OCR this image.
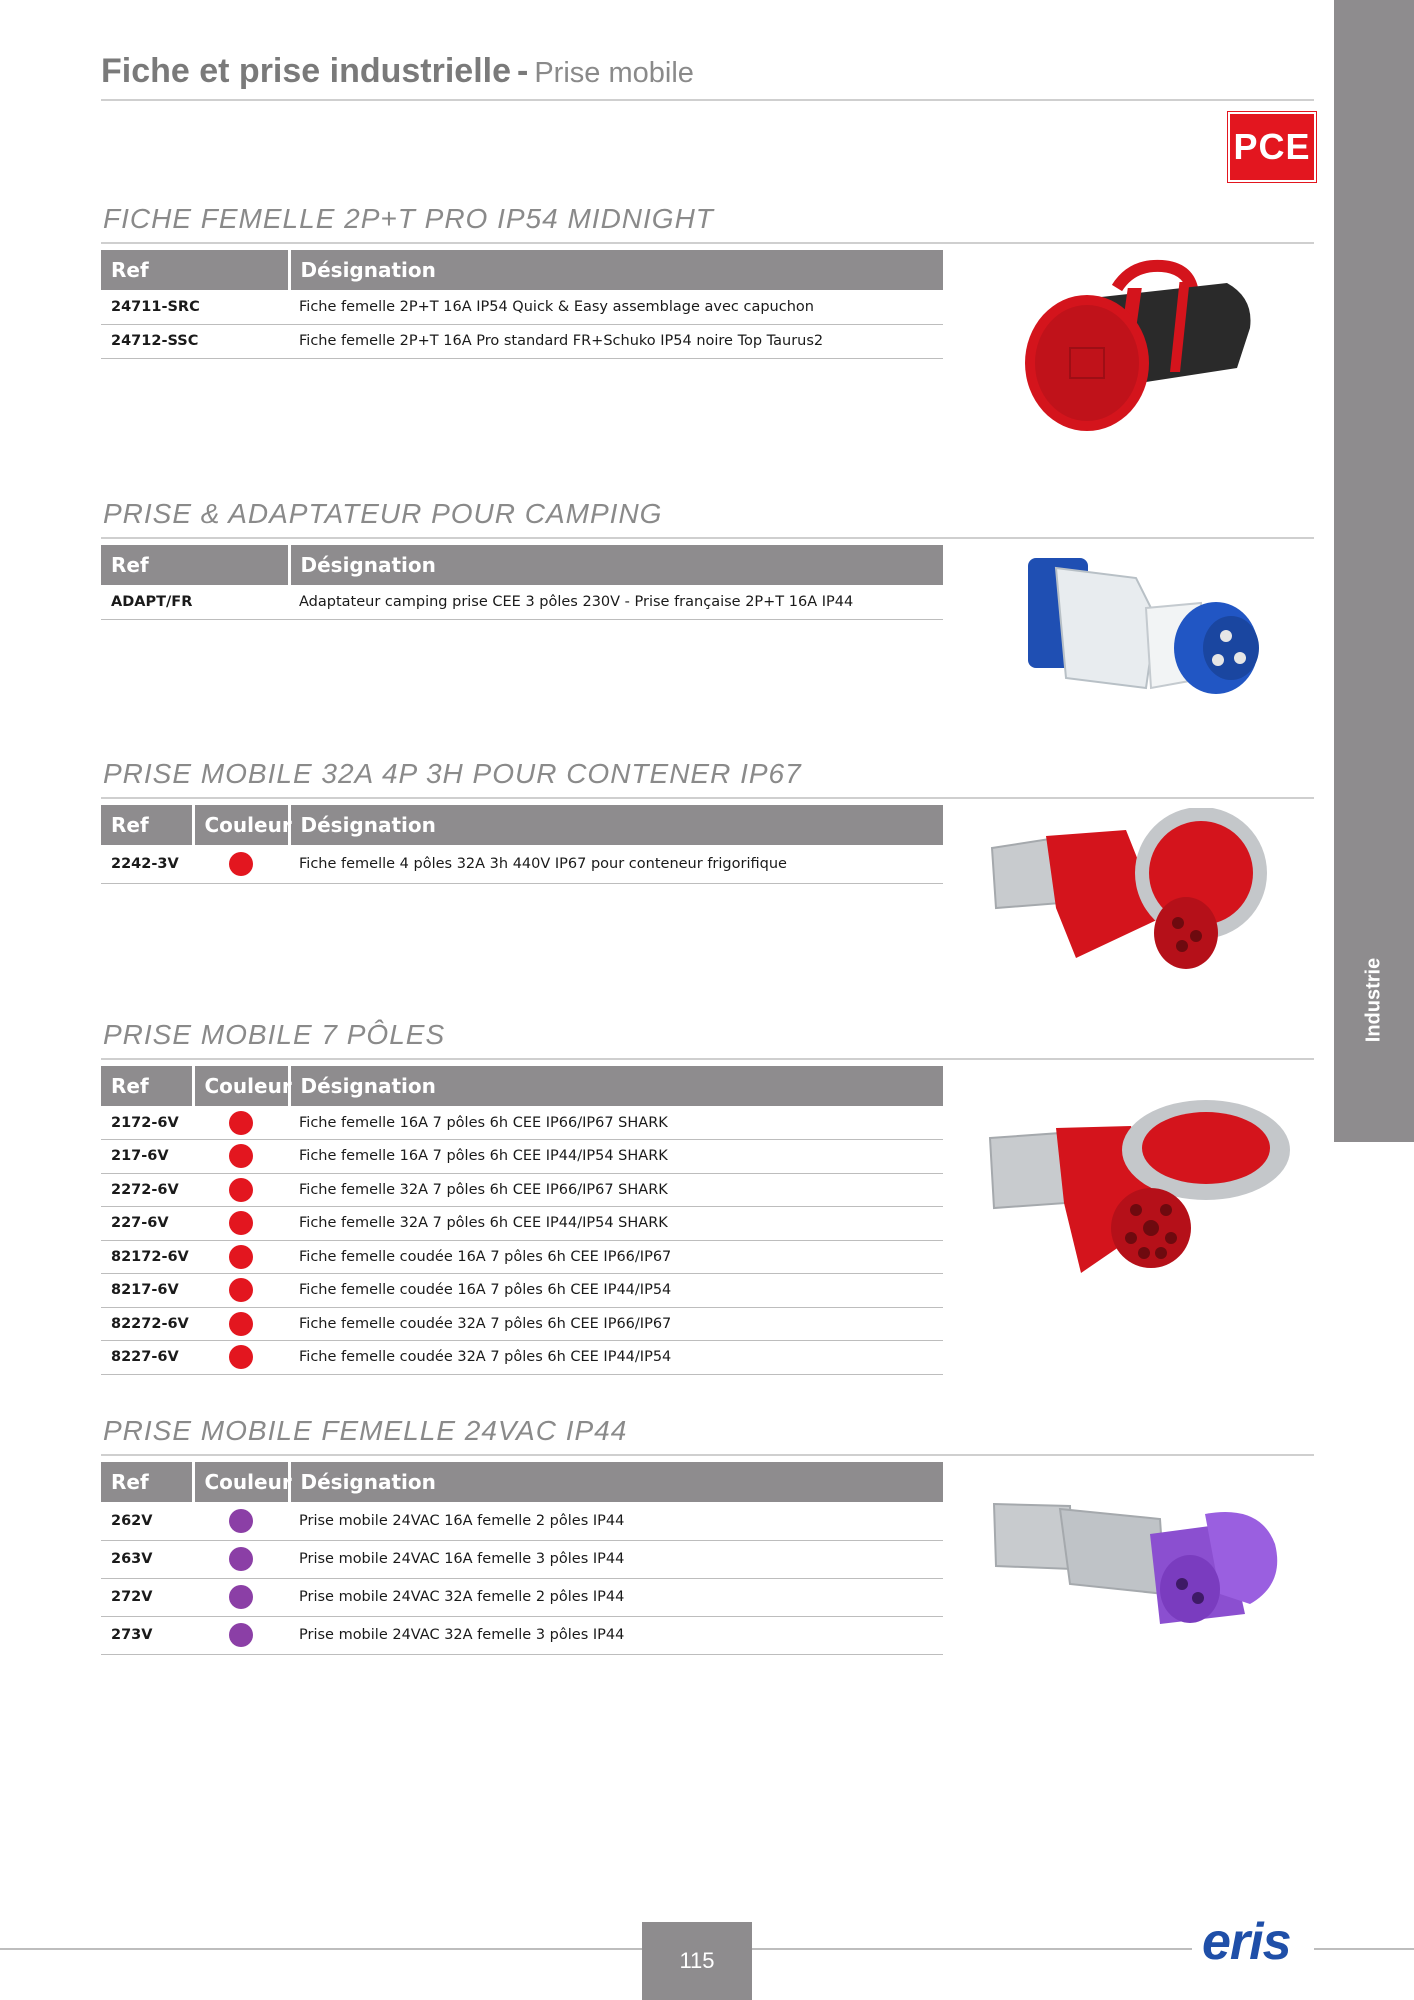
Fiche et prise industrielle - Prise mobile
PCE
Industrie
FICHE FEMELLE 2P+T PRO IP54 MIDNIGHT
Ref	Désignation
24711-SRC	Fiche femelle 2P+T 16A IP54 Quick & Easy assemblage avec capuchon
24712-SSC	Fiche femelle 2P+T 16A Pro standard FR+Schuko IP54 noire Top Taurus2
PRISE & ADAPTATEUR POUR CAMPING
Ref	Désignation
ADAPT/FR	Adaptateur camping prise CEE 3 pôles 230V - Prise française 2P+T 16A IP44
PRISE MOBILE 32A 4P 3H POUR CONTENER IP67
Ref	Couleur	Désignation
2242-3V		Fiche femelle 4 pôles 32A 3h 440V IP67 pour conteneur frigorifique
PRISE MOBILE 7 PÔLES
Ref	Couleur	Désignation
2172-6V		Fiche femelle 16A 7 pôles 6h CEE IP66/IP67 SHARK
217-6V		Fiche femelle 16A 7 pôles 6h CEE IP44/IP54 SHARK
2272-6V		Fiche femelle 32A 7 pôles 6h CEE IP66/IP67 SHARK
227-6V		Fiche femelle 32A 7 pôles 6h CEE IP44/IP54 SHARK
82172-6V		Fiche femelle coudée 16A 7 pôles 6h CEE IP66/IP67
8217-6V		Fiche femelle coudée 16A 7 pôles 6h CEE IP44/IP54
82272-6V		Fiche femelle coudée 32A 7 pôles 6h CEE IP66/IP67
8227-6V		Fiche femelle coudée 32A 7 pôles 6h CEE IP44/IP54
PRISE MOBILE FEMELLE 24VAC IP44
Ref	Couleur	Désignation
262V		Prise mobile 24VAC 16A femelle 2 pôles IP44
263V		Prise mobile 24VAC 16A femelle 3 pôles IP44
272V		Prise mobile 24VAC 32A femelle 2 pôles IP44
273V		Prise mobile 24VAC 32A femelle 3 pôles IP44
115	eris
